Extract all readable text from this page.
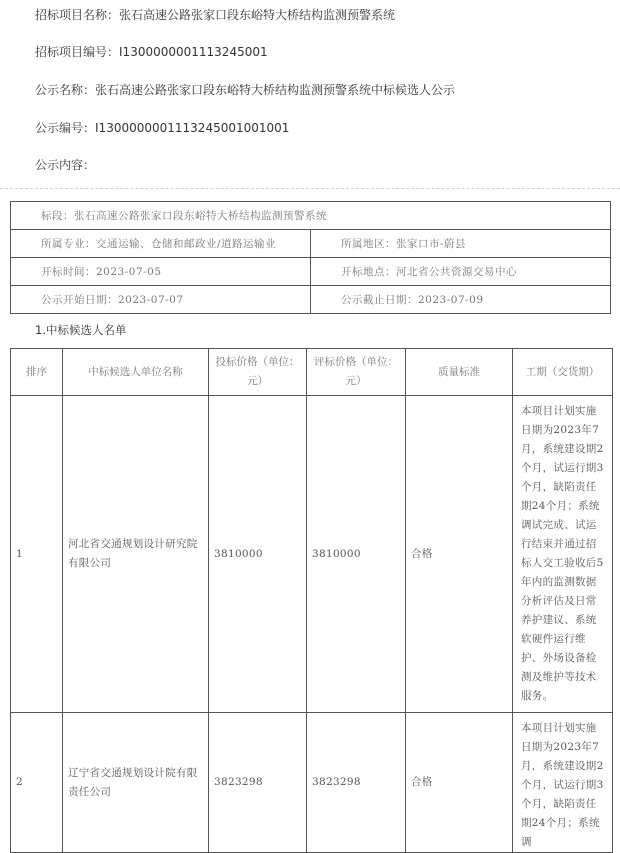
招标项目名称：张石高速公路张家口段东峪特大桥结构监测预警系统
招标项目编号：I1300000001113245001
公示名称：张石高速公路张家口段东峪特大桥结构监测预警系统中标候选人公示
公示编号：I1300000001113245001001001
公示内容：
标段：张石高速公路张家口段东峪特大桥结构监测预警系统	
所属专业：交通运输、仓储和邮政业/道路运输业	所属地区：张家口市-蔚县
开标时间：2023-07-05	开标地点：河北省公共资源交易中心
公示开始日期：2023-07-07	公示截止日期：2023-07-09
1.中标候选人名单
排序	中标候选人单位名称	投标价格（单位：元）	评标价格（单位：元）	质量标准	工期（交货期）
1	河北省交通规划设计研究院有限公司	3810000	3810000	合格	本项目计划实施日期为2023年7月，系统建设期2个月，试运行期3个月，缺陷责任期24个月；系统调试完成、试运行结束并通过招标人交工验收后5年内的监测数据分析评估及日常养护建议、系统软硬件运行维护、外场设备检测及维护等技术服务。
2	辽宁省交通规划设计院有限责任公司	3823298	3823298	合格	本项目计划实施日期为2023年7月，系统建设期2个月，试运行期3个月，缺陷责任期24个月；系统调
